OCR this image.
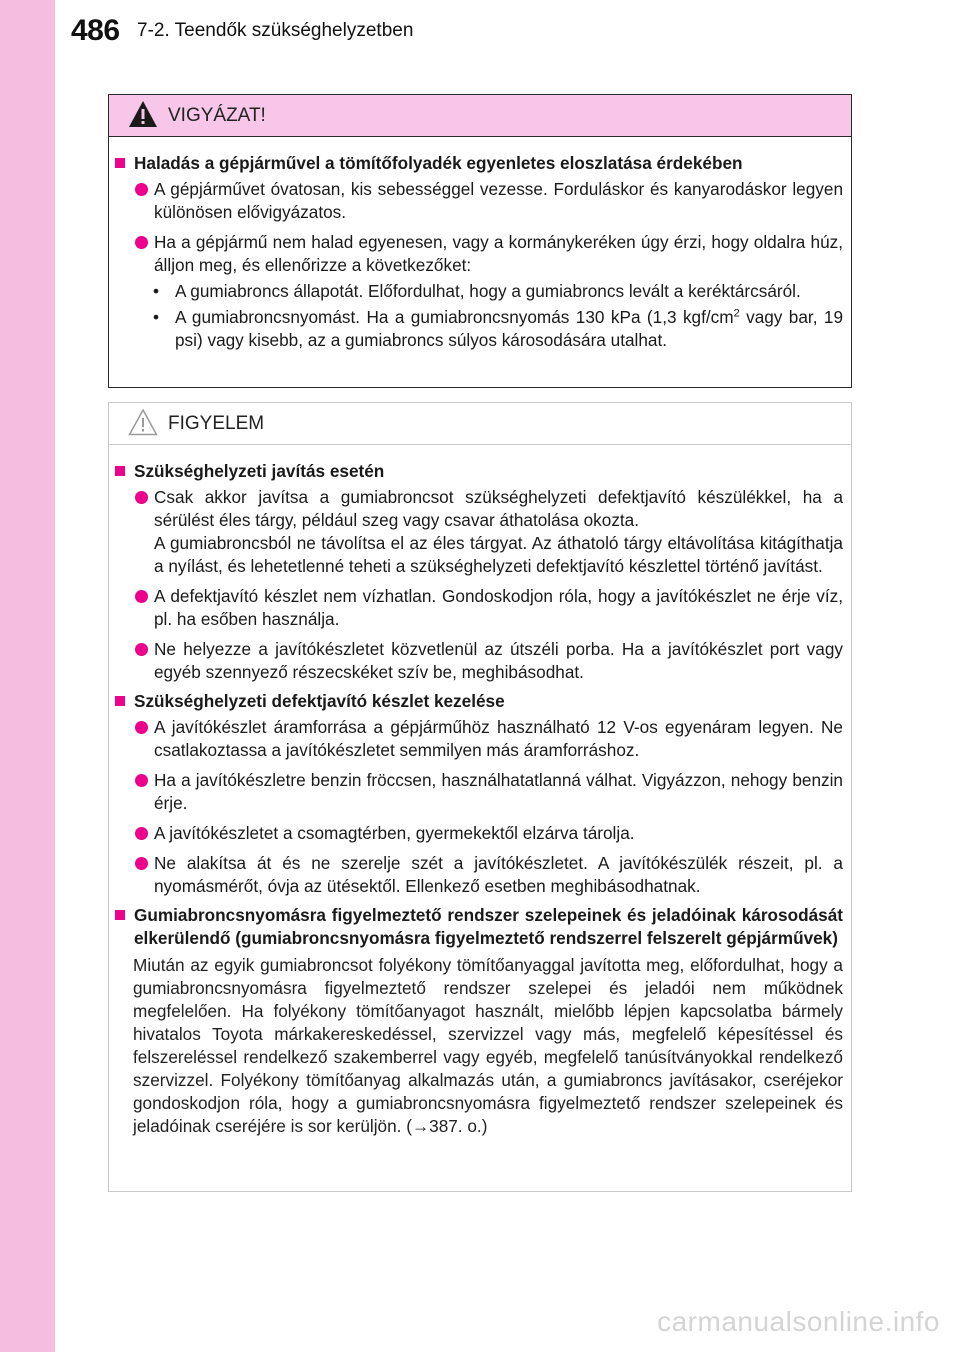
486 7-2. Teendők szükséghelyzetben
VIGYÁZAT!
Haladás a gépjárművel a tömítőfolyadék egyenletes eloszlatása érdekében
A gépjárművet óvatosan, kis sebességgel vezesse. Forduláskor és kanyarodáskor legyen különösen elővigyázatos.
Ha a gépjármű nem halad egyenesen, vagy a kormánykeréken úgy érzi, hogy oldalra húz, álljon meg, és ellenőrizze a következőket:
• A gumiabroncs állapotát. Előfordulhat, hogy a gumiabroncs levált a keréktárcsáról.
• A gumiabroncsnyomást. Ha a gumiabroncsnyomás 130 kPa (1,3 kgf/$cm^2$ vagy bar, 19 psi) vagy kisebb, az a gumiabroncs súlyos károsodására utalhat.
FIGYELEM
Szükséghelyzeti javítás esetén
Csak akkor javítsa a gumiabroncsot szükséghelyzeti defektjavító készülékkel, ha a sérülést éles tárgy, például szeg vagy csavar áthatolása okozta.
A gumiabroncsból ne távolítsa el az éles tárgyat. Az áthatoló tárgy eltávolítása kitágíthatja a nyílást, és lehetetlenné teheti a szükséghelyzeti defektjavító készlettel történő javítást.
A defektjavító készlet nem vízhatlan. Gondoskodjon róla, hogy a javítókészlet ne érje víz, pl. ha esőben használja.
Ne helyezze a javítókészletet közvetlenül az útszéli porba. Ha a javítókészlet port vagy egyéb szennyező részecskéket szív be, meghibásodhat.
Szükséghelyzeti defektjavító készlet kezelése
A javítókészlet áramforrása a gépjárműhöz használható 12 V-os egyenáram legyen. Ne csatlakoztassa a javítókészletet semmilyen más áramforráshoz.
Ha a javítókészletre benzin fröccsen, használhatatlanná válhat. Vigyázzon, nehogy benzin érje.
A javítókészletet a csomagtérben, gyermekektől elzárva tárolja.
Ne alakítsa át és ne szerelje szét a javítókészletet. A javítókészülék részeit, pl. a nyomásmérőt, óvja az ütésektől. Ellenkező esetben meghibásodhatnak.
Gumiabroncsnyomásra figyelmeztető rendszer szelepeinek és jeladóinak károsodását elkerülendő (gumiabroncsnyomásra figyelmeztető rendszerrel felszerelt gépjárművek)
Miután az egyik gumiabroncsot folyékony tömítőanyaggal javította meg, előfordulhat, hogy a gumiabroncsnyomásra figyelmeztető rendszer szelepei és jeladói nem működnek megfelelően. Ha folyékony tömítőanyagot használt, mielőbb lépjen kapcsolatba bármely hivatalos Toyota márkakereskedéssel, szervizzel vagy más, megfelelő képesítéssel és felszereléssel rendelkező szakemberrel vagy egyéb, megfelelő tanúsítványokkal rendelkező szervizzel. Folyékony tömítőanyag alkalmazás után, a gumiabroncs javításakor, cseréjekor gondoskodjon róla, hogy a gumiabroncsnyomásra figyelmeztető rendszer szelepeinek és jeladóinak cseréjére is sor kerüljön. (→387. o.)
carmanualsonline.info
